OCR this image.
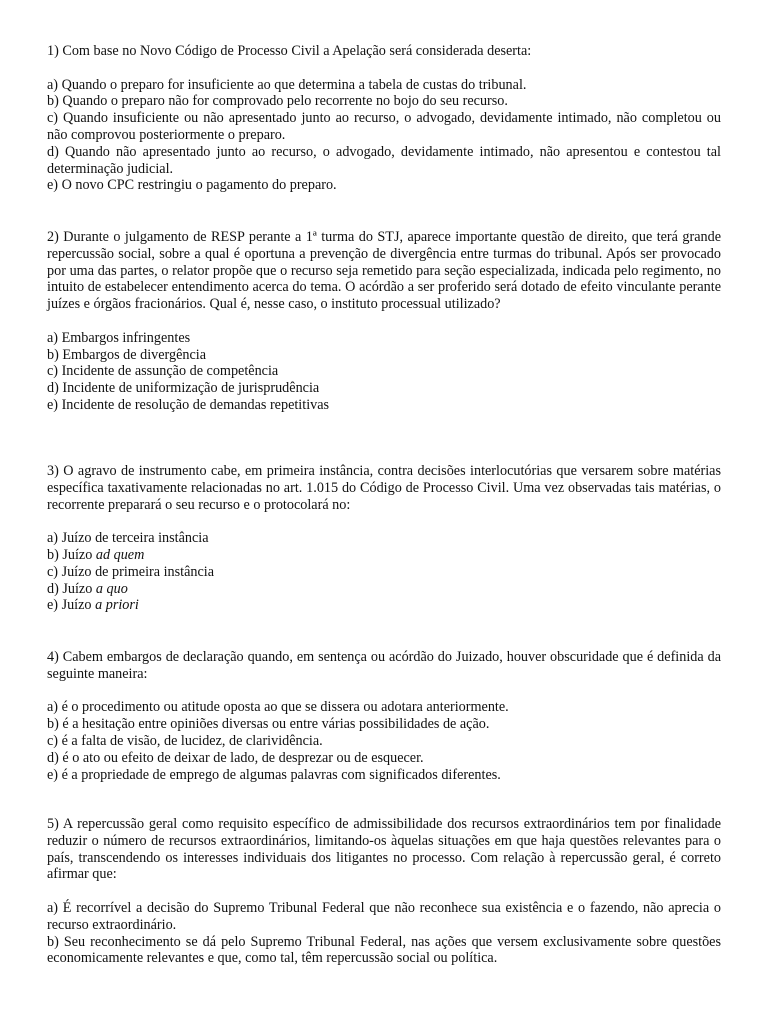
1) Com base no Novo Código de Processo Civil a Apelação será considerada deserta:

a) Quando o preparo for insuficiente ao que determina a tabela de custas do tribunal.

b) Quando o preparo não for comprovado pelo recorrente no bojo do seu recurso.

c) Quando insuficiente ou não apresentado junto ao recurso, o advogado, devidamente intimado, não completou ou não comprovou posteriormente o preparo.

d) Quando não apresentado junto ao recurso, o advogado, devidamente intimado, não apresentou e contestou tal determinação judicial.

e) O novo CPC restringiu o pagamento do preparo.

2) Durante o julgamento de RESP perante a 1ª turma do STJ, aparece importante questão de direito, que terá grande repercussão social, sobre a qual é oportuna a prevenção de divergência entre turmas do tribunal. Após ser provocado por uma das partes, o relator propõe que o recurso seja remetido para seção especializada, indicada pelo regimento, no intuito de estabelecer entendimento acerca do tema. O acórdão a ser proferido será dotado de efeito vinculante perante juízes e órgãos fracionários. Qual é, nesse caso, o instituto processual utilizado?

a) Embargos infringentes

b) Embargos de divergência

c) Incidente de assunção de competência

d) Incidente de uniformização de jurisprudência

e) Incidente de resolução de demandas repetitivas

3) O agravo de instrumento cabe, em primeira instância, contra decisões interlocutórias que versarem sobre matérias específica taxativamente relacionadas no art. 1.015 do Código de Processo Civil. Uma vez observadas tais matérias, o recorrente preparará o seu recurso e o protocolará no:

a) Juízo de terceira instância

b) Juízo ad quem

c) Juízo de primeira instância

d) Juízo a quo

e) Juízo a priori

4) Cabem embargos de declaração quando, em sentença ou acórdão do Juizado, houver obscuridade que é definida da seguinte maneira:

a) é o procedimento ou atitude oposta ao que se dissera ou adotara anteriormente.

b) é a hesitação entre opiniões diversas ou entre várias possibilidades de ação.

c) é a falta de visão, de lucidez, de clarividência.

d) é o ato ou efeito de deixar de lado, de desprezar ou de esquecer.

e) é a propriedade de emprego de algumas palavras com significados diferentes.

5) A repercussão geral como requisito específico de admissibilidade dos recursos extraordinários tem por finalidade reduzir o número de recursos extraordinários, limitando-os àquelas situações em que haja questões relevantes para o país, transcendendo os interesses individuais dos litigantes no processo. Com relação à repercussão geral, é correto afirmar que:

a) É recorrível a decisão do Supremo Tribunal Federal que não reconhece sua existência e o fazendo, não aprecia o recurso extraordinário.

b) Seu reconhecimento se dá pelo Supremo Tribunal Federal, nas ações que versem exclusivamente sobre questões economicamente relevantes e que, como tal, têm repercussão social ou política.
